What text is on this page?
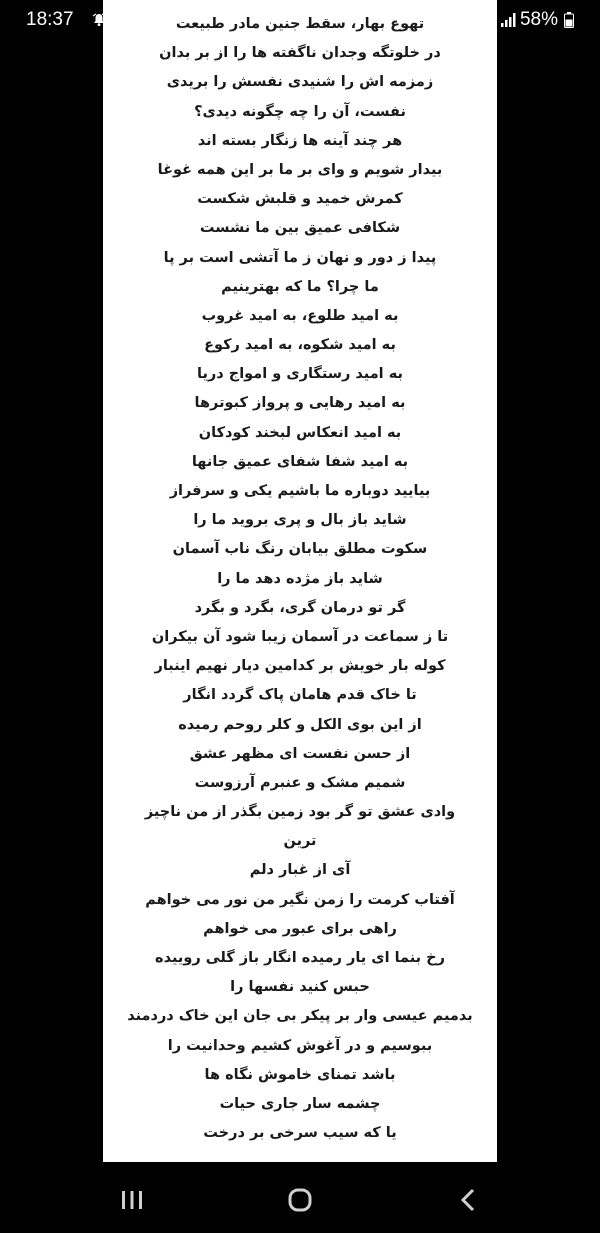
18:37	58%
تهوع بهار، سقط جنین مادر طبیعت
در خلوتگه وجدان ناگفته ها را از بر بدان
زمزمه اش را شنیدی نفسش را بریدی
نفست، آن را چه چگونه دیدی؟
هر چند آینه ها زنگار بسته اند
بیدار شویم و وای بر ما بر این همه غوغا
کمرش خمید و قلبش شکست
شکافی عمیق بین ما نشست
پیدا ز دور و نهان ز ما آتشی است بر پا
ما چرا؟ ما که بهترینیم
به امید طلوع، به امید غروب
به امید شکوه، به امید رکوع
به امید رستگاری و امواج دریا
به امید رهایی و پرواز کبوترها
به امید انعکاس لبخند کودکان
به امید شفا شفای عمیق جانها
بیایید دوباره ما باشیم یکی و سرفراز
شاید باز بال و پری بروید ما را
سکوت مطلق بیابان رنگ ناب آسمان
شاید باز مژده دهد ما را
گر تو درمان گری، بگرد و بگرد
تا ز سماعت در آسمان زیبا شود آن بیکران
کوله بار خویش بر کدامین دیار نهیم اینبار
تا خاک قدم هامان پاک گردد انگار
از این بوی الکل و کلر روحم رمیده
از حسن نفست ای مظهر عشق
شمیم مشک و عنبرم آرزوست
وادی عشق تو گر بود زمین بگذر از من ناچیز
ترین
آی از غبار دلم
آفتاب کرمت را زمن نگیر من نور می خواهم
راهی برای عبور می خواهم
رخ بنما ای یار رمیده انگار باز گلی روییده
حبس کنید نفسها را
بدمیم عیسی وار بر پیکر بی جان این خاک دردمند
ببوسیم و در آغوش کشیم وحدانیت را
باشد تمنای خاموش نگاه ها
چشمه سار جاری حیات
یا که سیب سرخی بر درخت
